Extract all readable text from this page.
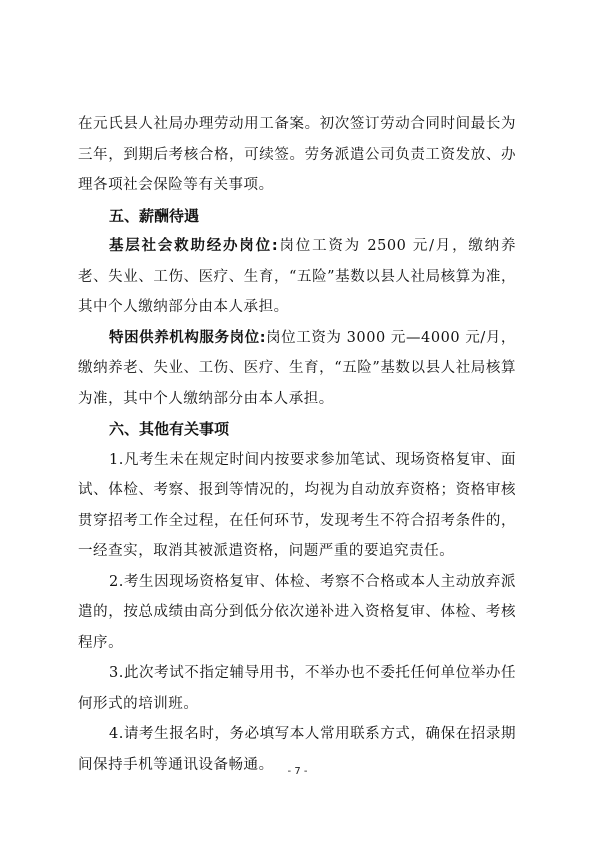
在元氏县人社局办理劳动用工备案。初次签订劳动合同时间最长为三年，到期后考核合格，可续签。劳务派遣公司负责工资发放、办理各项社会保险等有关事项。

五、薪酬待遇

基层社会救助经办岗位:岗位工资为 2500 元/月，缴纳养老、失业、工伤、医疗、生育，“五险”基数以县人社局核算为准，其中个人缴纳部分由本人承担。

特困供养机构服务岗位:岗位工资为 3000 元—4000 元/月，缴纳养老、失业、工伤、医疗、生育，“五险”基数以县人社局核算为准，其中个人缴纳部分由本人承担。

六、其他有关事项

1.凡考生未在规定时间内按要求参加笔试、现场资格复审、面试、体检、考察、报到等情况的，均视为自动放弃资格；资格审核贯穿招考工作全过程，在任何环节，发现考生不符合招考条件的，一经查实，取消其被派遣资格，问题严重的要追究责任。

2.考生因现场资格复审、体检、考察不合格或本人主动放弃派遣的，按总成绩由高分到低分依次递补进入资格复审、体检、考核程序。

3.此次考试不指定辅导用书，不举办也不委托任何单位举办任何形式的培训班。

4.请考生报名时，务必填写本人常用联系方式，确保在招录期间保持手机等通讯设备畅通。	- 7 -
